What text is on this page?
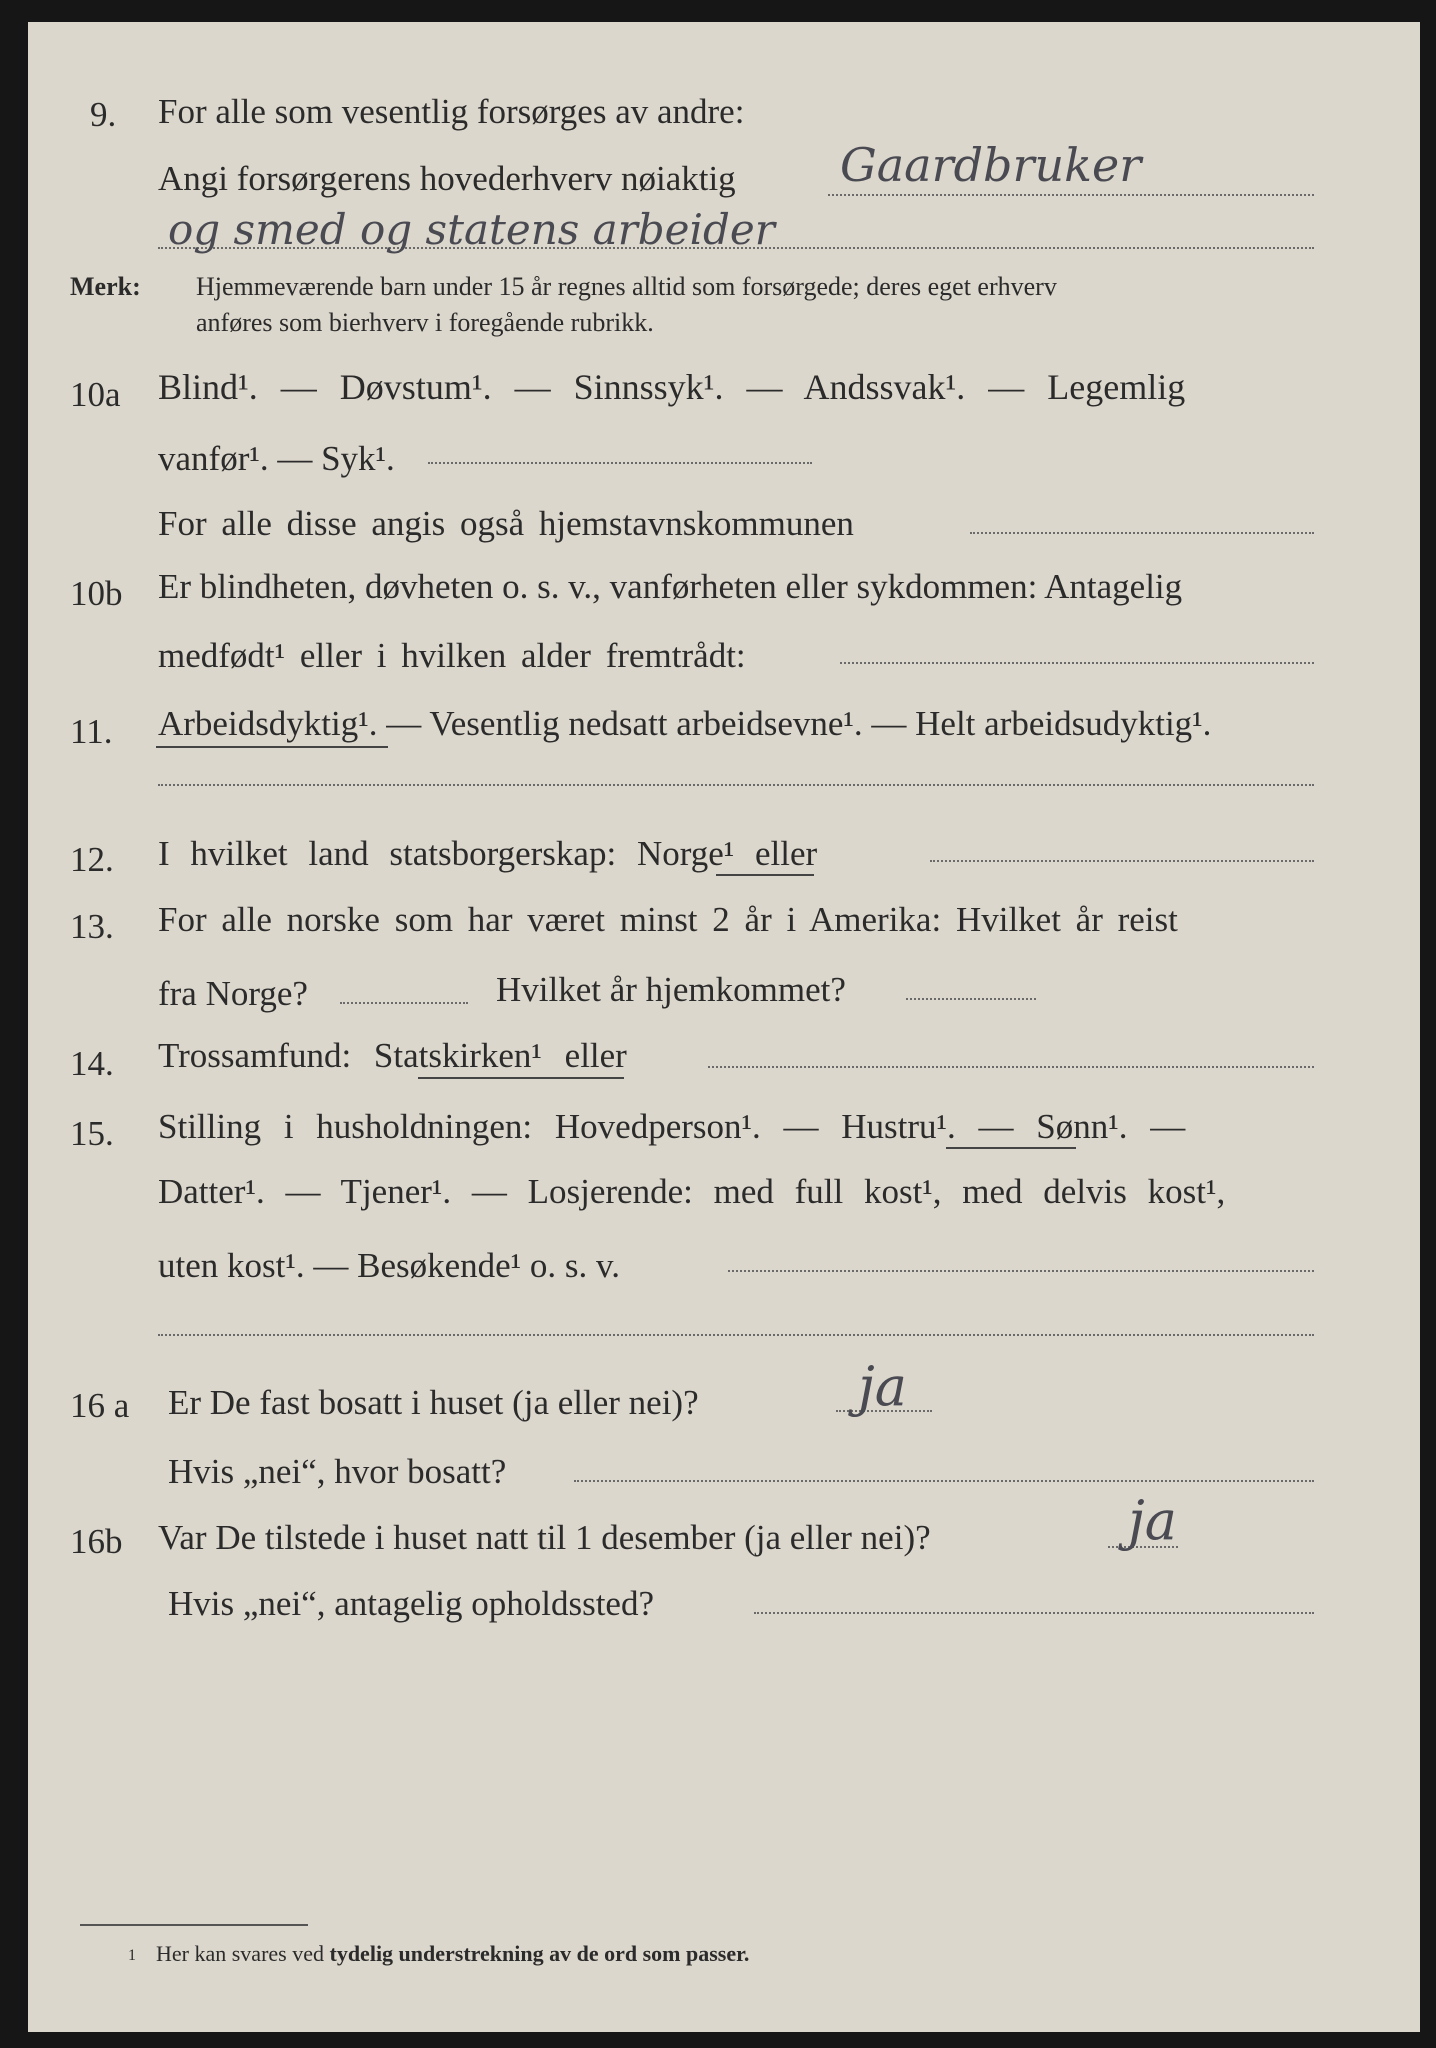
9. For alle som vesentlig forsørges av andre:
Angi forsørgerens hovederhverv nøiaktig Gaardbruker
og smed og statens arbeider
Merk: Hjemmeværende barn under 15 år regnes alltid som forsørgede; deres eget erhverv
anføres som bierhverv i foregående rubrikk.
10a Blind¹. — Døvstum¹. — Sinnssyk¹. — Andssvak¹. — Legemlig
vanfør¹. — Syk¹.
For alle disse angis også hjemstavnskommunen
10b Er blindheten, døvheten o. s. v., vanførheten eller sykdommen: Antagelig
medfødt¹ eller i hvilken alder fremtrådt:
11. Arbeidsdyktig¹. — Vesentlig nedsatt arbeidsevne¹. — Helt arbeidsudyktig¹.
12. I hvilket land statsborgerskap: Norge¹ eller
13. For alle norske som har været minst 2 år i Amerika: Hvilket år reist
fra Norge?	Hvilket år hjemkommet?
14. Trossamfund: Statskirken¹ eller
15. Stilling i husholdningen: Hovedperson¹. — Hustru¹. — Sønn¹. —
Datter¹. — Tjener¹. — Losjerende: med full kost¹, med delvis kost¹,
uten kost¹. — Besøkende¹ o. s. v.
16 a Er De fast bosatt i huset (ja eller nei)?	ja
Hvis „nei“, hvor bosatt?
16b Var De tilstede i huset natt til 1 desember (ja eller nei)?	ja
Hvis „nei“, antagelig opholdssted?
1 Her kan svares ved tydelig understrekning av de ord som passer.
